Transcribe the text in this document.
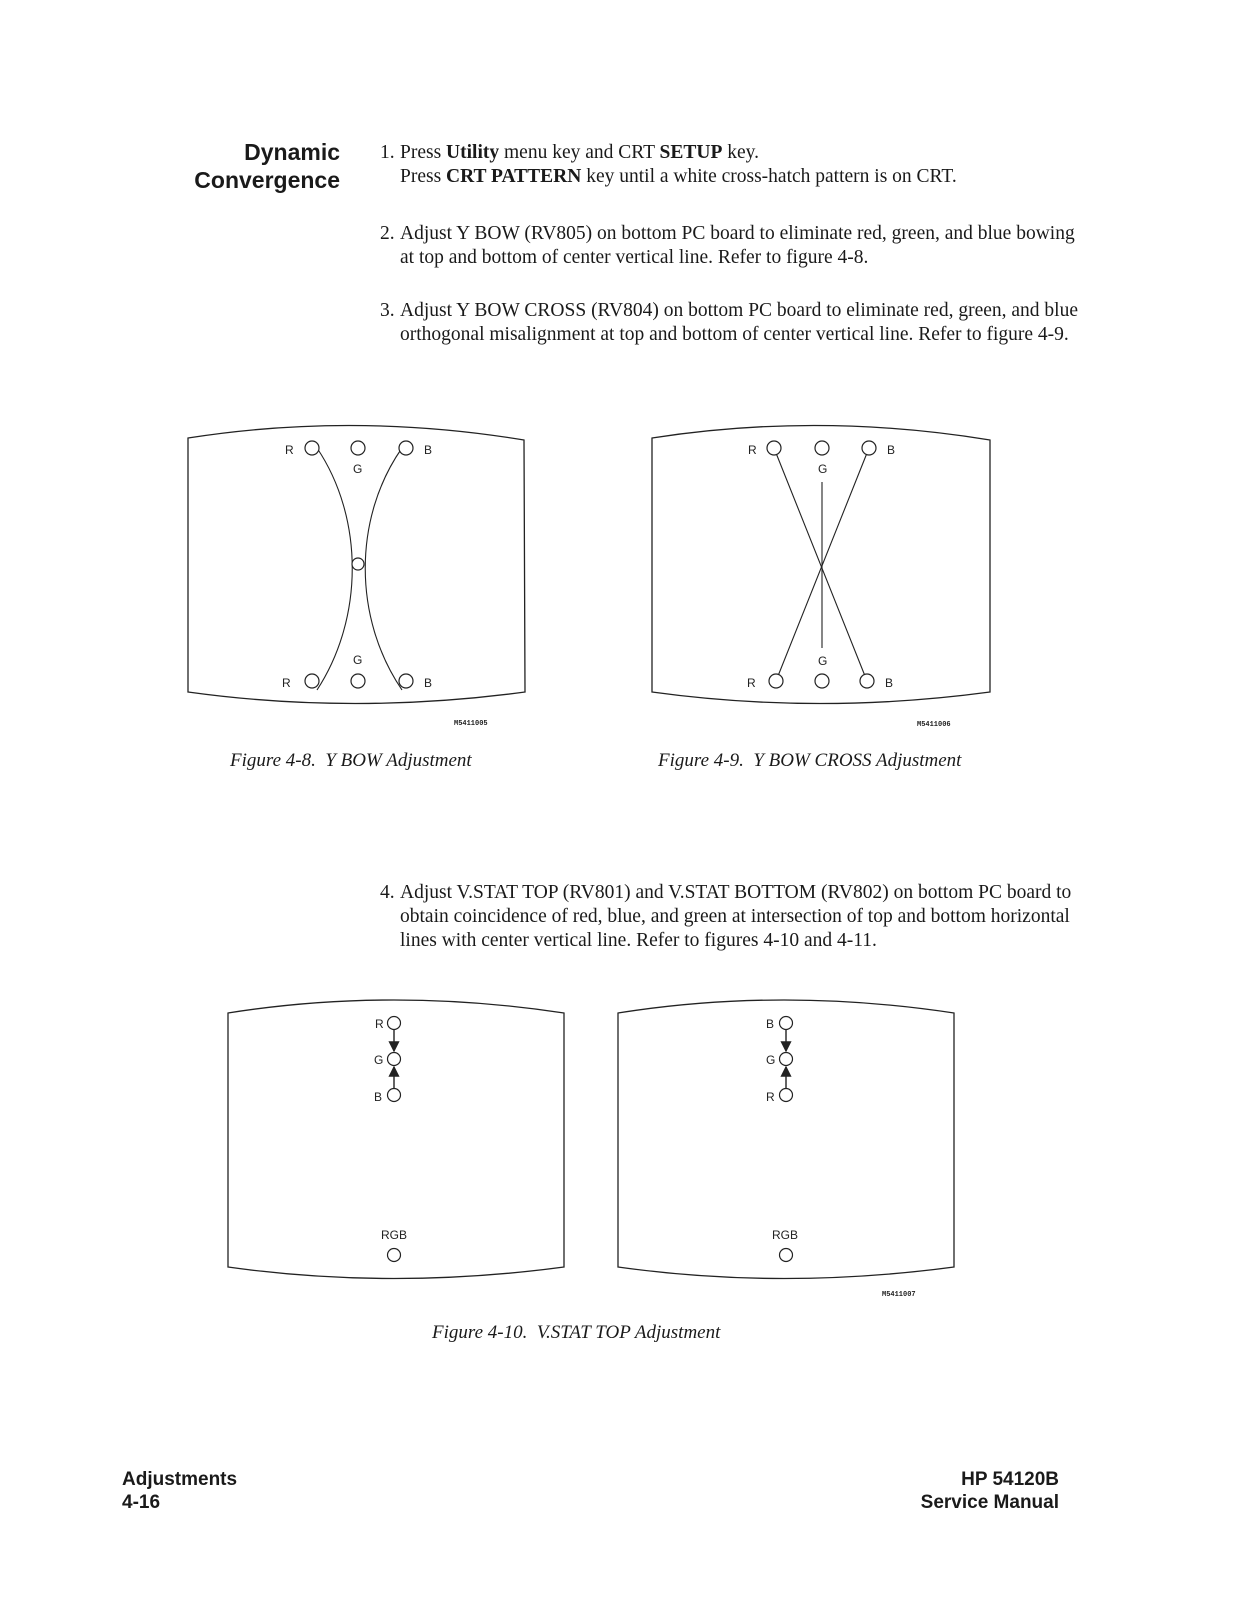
Dynamic
Convergence
1. Press Utility menu key and CRT SETUP key.
Press CRT PATTERN key until a white cross-hatch pattern is on CRT.
2. Adjust Y BOW (RV805) on bottom PC board to eliminate red, green, and blue bowing at top and bottom of center vertical line. Refer to figure 4-8.
3. Adjust Y BOW CROSS (RV804) on bottom PC board to eliminate red, green, and blue orthogonal misalignment at top and bottom of center vertical line. Refer to figure 4-9.
R
G
B
G
R	B
M5411005
Figure 4-8.  Y BOW Adjustment
R
G
B
G
R	B
M5411006
Figure 4-9.  Y BOW CROSS Adjustment
4. Adjust V.STAT TOP (RV801) and V.STAT BOTTOM (RV802) on bottom PC board to obtain coincidence of red, blue, and green at intersection of top and bottom horizontal lines with center vertical line. Refer to figures 4-10 and 4-11.
R
G
B
RGB
B
G
R
RGB
M5411007
Figure 4-10.  V.STAT TOP Adjustment
Adjustments
4-16
HP 54120B
Service Manual
